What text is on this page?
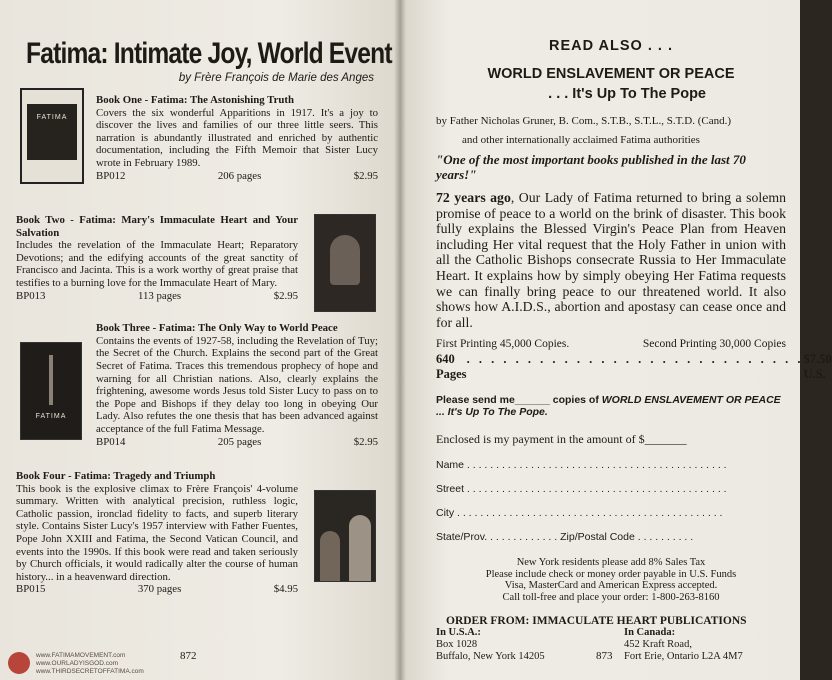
Fatima: Intimate Joy, World Event
by Frère François de Marie des Anges
FATIMA
Book One - Fatima: The Astonishing Truth
Covers the six wonderful Apparitions in 1917. It's a joy to discover the lives and families of our three little seers. This narration is abundantly illustrated and enriched by authentic documentation, including the Fifth Memoir that Sister Lucy wrote in February 1989.
BP012	206 pages	$2.95
Book Two - Fatima: Mary's Immaculate Heart and Your Salvation
Includes the revelation of the Immaculate Heart; Reparatory Devotions; and the edifying accounts of the great sanctity of Francisco and Jacinta. This is a work worthy of great praise that testifies to a burning love for the Immaculate Heart of Mary.
BP013	113 pages	$2.95
FATIMA
Book Three - Fatima: The Only Way to World Peace
Contains the events of 1927-58, including the Revelation of Tuy; the Secret of the Church. Explains the second part of the Great Secret of Fatima. Traces this tremendous prophecy of hope and warning for all Christian nations. Also, clearly explains the frightening, awesome words Jesus told Sister Lucy to pass on to the Pope and Bishops if they delay too long in obeying Our Lady. Also refutes the one thesis that has been advanced against acceptance of the full Fatima Message.
BP014	205 pages	$2.95
Book Four - Fatima: Tragedy and Triumph
This book is the explosive climax to Frère François' 4-volume summary. Written with analytical precision, ruthless logic, Catholic passion, ironclad fidelity to facts, and superb literary style. Contains Sister Lucy's 1957 interview with Father Fuentes, Pope John XXIII and Fatima, the Second Vatican Council, and events into the 1990s. If this book were read and taken seriously by Church officials, it would radically alter the course of human history... in a heavenward direction.
BP015	370 pages	$4.95
www.FATIMAMOVEMENT.com
www.OURLADYISGOD.com
www.THIRDSECRETOFFATIMA.com
872
READ ALSO . . .
WORLD ENSLAVEMENT OR PEACE
. . . It's Up To The Pope
by Father Nicholas Gruner, B. Com., S.T.B., S.T.L., S.T.D. (Cand.)
and other internationally acclaimed Fatima authorities
"One of the most important books published in the last 70 years!"
72 years ago, Our Lady of Fatima returned to bring a solemn promise of peace to a world on the brink of disaster. This book fully explains the Blessed Virgin's Peace Plan from Heaven including Her vital request that the Holy Father in union with all the Catholic Bishops consecrate Russia to Her Immaculate Heart. It explains how by simply obeying Her Fatima requests we can finally bring peace to our threatened world. It also shows how A.I.D.S., abortion and apostasy can cease once and for all.
First Printing 45,000 Copies.	Second Printing 30,000 Copies
640 Pages
. . . . . . . . . . . . . . . . . . . . . . . . . . . . $7.50 U.S.
Please send me______ copies of WORLD ENSLAVEMENT OR PEACE ... It's Up To The Pope.
Enclosed is my payment in the amount of $_______
Name . . . . . . . . . . . . . . . . . . . . . . . . . . . . . . . . . . . . . . . . . . . . .
Street . . . . . . . . . . . . . . . . . . . . . . . . . . . . . . . . . . . . . . . . . . . . .
City . . . . . . . . . . . . . . . . . . . . . . . . . . . . . . . . . . . . . . . . . . . . . .
State/Prov. . . . . . . . . . . . . Zip/Postal Code . . . . . . . . . .
New York residents please add 8% Sales Tax
Please include check or money order payable in U.S. Funds
Visa, MasterCard and American Express accepted.
Call toll-free and place your order: 1-800-263-8160
ORDER FROM: IMMACULATE HEART PUBLICATIONS
In U.S.A.:
Box 1028
Buffalo, New York 14205
In Canada:
452 Kraft Road,
Fort Erie, Ontario L2A 4M7
873
